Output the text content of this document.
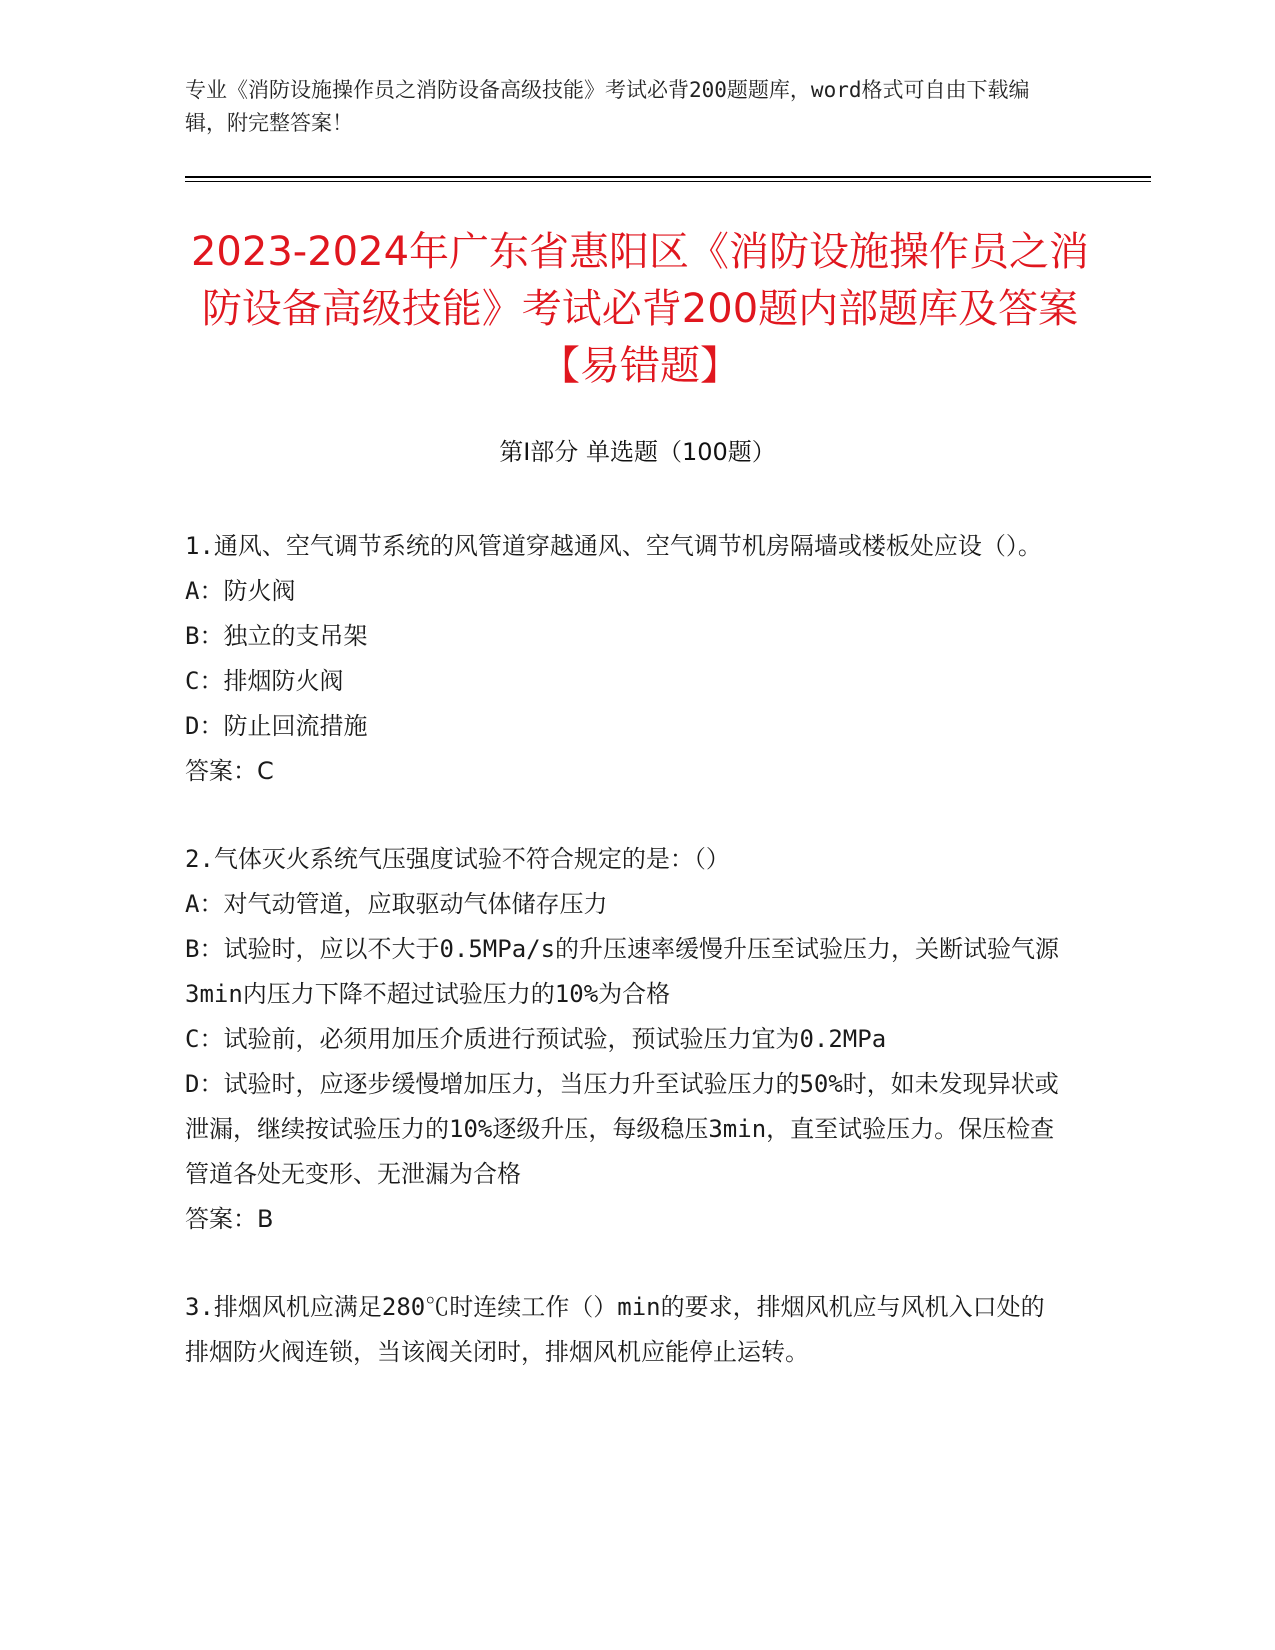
专业《消防设施操作员之消防设备高级技能》考试必背200题题库，word格式可自由下载编辑，附完整答案！
2023-2024年广东省惠阳区《消防设施操作员之消防设备高级技能》考试必背200题内部题库及答案【易错题】
第I部分 单选题（100题）

1.通风、空气调节系统的风管道穿越通风、空气调节机房隔墙或楼板处应设（）。

A：防火阀

B：独立的支吊架

C：排烟防火阀

D：防止回流措施

答案：C

2.气体灭火系统气压强度试验不符合规定的是：（）

A：对气动管道，应取驱动气体储存压力

B：试验时，应以不大于0.5MPa/s的升压速率缓慢升压至试验压力，关断试验气源3min内压力下降不超过试验压力的10%为合格

C：试验前，必须用加压介质进行预试验，预试验压力宜为0.2MPa

D：试验时，应逐步缓慢增加压力，当压力升至试验压力的50%时，如未发现异状或泄漏，继续按试验压力的10%逐级升压，每级稳压3min，直至试验压力。保压检查管道各处无变形、无泄漏为合格

答案：B

3.排烟风机应满足280℃时连续工作（）min的要求，排烟风机应与风机入口处的排烟防火阀连锁，当该阀关闭时，排烟风机应能停止运转。
